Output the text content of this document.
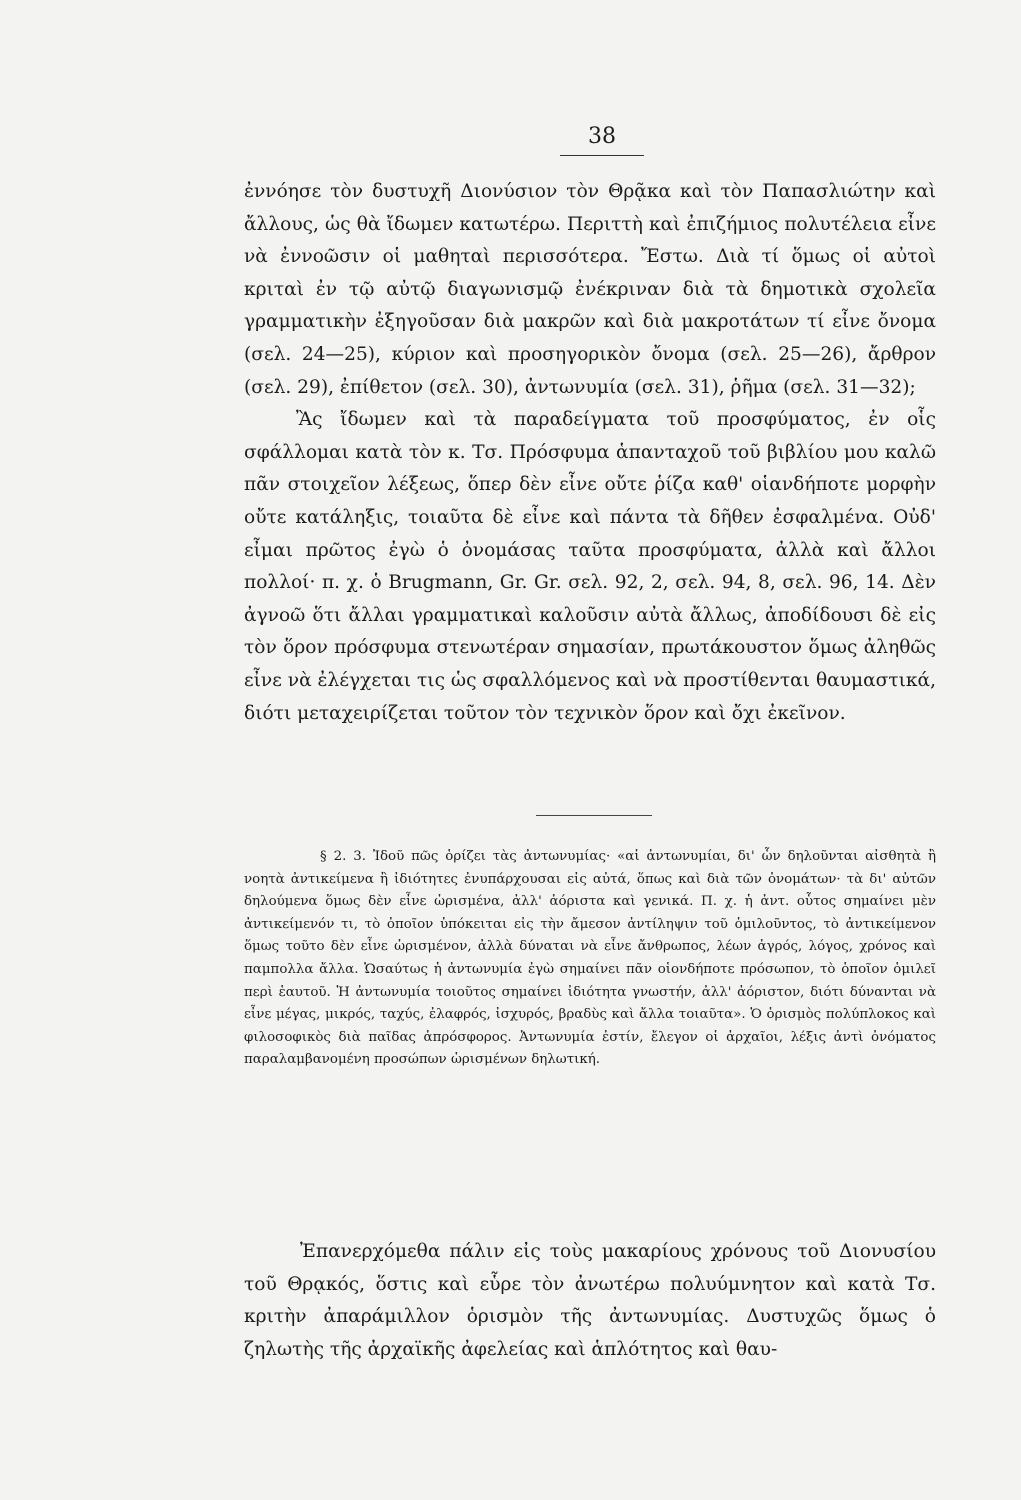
38

ἐννόησε τὸν δυστυχῆ Διονύσιον τὸν Θρᾷκα καὶ τὸν Παπασλιώτην καὶ ἄλλους, ὡς θὰ ἴδωμεν κατωτέρω. Περιττὴ καὶ ἐπιζήμιος πολυτέλεια εἶνε νὰ ἐννοῶσιν οἱ μαθηταὶ περισσότερα. Ἔστω. Διὰ τί ὅμως οἱ αὐτοὶ κριταὶ ἐν τῷ αὐτῷ διαγωνισμῷ ἐνέκριναν διὰ τὰ δημοτικὰ σχολεῖα γραμματικὴν ἐξηγοῦσαν διὰ μακρῶν καὶ διὰ μακροτάτων τί εἶνε ὄνομα (σελ. 24—25), κύριον καὶ προσηγορικὸν ὄνομα (σελ. 25—26), ἄρθρον (σελ. 29), ἐπίθετον (σελ. 30), ἀντωνυμία (σελ. 31), ῥῆμα (σελ. 31—32);

Ἂς ἴδωμεν καὶ τὰ παραδείγματα τοῦ προσφύματος, ἐν οἷς σφάλλομαι κατὰ τὸν κ. Τσ. Πρόσφυμα ἁπανταχοῦ τοῦ βιβλίου μου καλῶ πᾶν στοιχεῖον λέξεως, ὅπερ δὲν εἶνε οὔτε ῥίζα καθ' οἱανδήποτε μορφὴν οὔτε κατάληξις, τοιαῦτα δὲ εἶνε καὶ πάντα τὰ δῆθεν ἐσφαλμένα. Οὐδ' εἶμαι πρῶτος ἐγὼ ὁ ὀνομάσας ταῦτα προσφύματα, ἀλλὰ καὶ ἄλλοι πολλοί· π. χ. ὁ Brugmann, Gr. Gr. σελ. 92, 2, σελ. 94, 8, σελ. 96, 14. Δὲν ἀγνοῶ ὅτι ἄλλαι γραμματικαὶ καλοῦσιν αὐτὰ ἄλλως, ἀποδίδουσι δὲ εἰς τὸν ὅρον πρόσφυμα στενωτέραν σημασίαν, πρωτάκουστον ὅμως ἀληθῶς εἶνε νὰ ἐλέγχεται τις ὡς σφαλλόμενος καὶ νὰ προστίθενται θαυμαστικά, διότι μεταχειρίζεται τοῦτον τὸν τεχνικὸν ὅρον καὶ ὄχι ἐκεῖνον.

§ 2. 3. Ἰδοῦ πῶς ὁρίζει τὰς ἀντωνυμίας· «αἱ ἀντωνυμίαι, δι' ὧν δηλοῦνται αἰσθητὰ ἢ νοητὰ ἀντικείμενα ἢ ἰδιότητες ἐνυπάρχουσαι εἰς αὐτά, ὅπως καὶ διὰ τῶν ὀνομάτων· τὰ δι' αὐτῶν δηλούμενα ὅμως δὲν εἶνε ὡρισμένα, ἀλλ' ἀόριστα καὶ γενικά. Π. χ. ἡ ἀντ. οὗτος σημαίνει μὲν ἀντικείμενόν τι, τὸ ὁποῖον ὑπόκειται εἰς τὴν ἄμεσον ἀντίληψιν τοῦ ὁμιλοῦντος, τὸ ἀντικείμενον ὅμως τοῦτο δὲν εἶνε ὡρισμένον, ἀλλὰ δύναται νὰ εἶνε ἄνθρωπος, λέων ἀγρός, λόγος, χρόνος καὶ παμπολλα ἄλλα. Ὡσαύτως ἡ ἀντωνυμία ἐγὼ σημαίνει πᾶν οἱονδήποτε πρόσωπον, τὸ ὁποῖον ὁμιλεῖ περὶ ἑαυτοῦ. Ἡ ἀντωνυμία τοιοῦτος σημαίνει ἰδιότητα γνωστήν, ἀλλ' ἀόριστον, διότι δύνανται νὰ εἶνε μέγας, μικρός, ταχύς, ἐλαφρός, ἰσχυρός, βραδὺς καὶ ἄλλα τοιαῦτα». Ὁ ὁρισμὸς πολύπλοκος καὶ φιλοσοφικὸς διὰ παῖδας ἀπρόσφορος. Ἀντωνυμία ἐστίν, ἔλεγον οἱ ἀρχαῖοι, λέξις ἀντὶ ὀνόματος παραλαμβανομένη προσώπων ὡρισμένων δηλωτική.

Ἐπανερχόμεθα πάλιν εἰς τοὺς μακαρίους χρόνους τοῦ Διονυσίου τοῦ Θρᾳκός, ὅστις καὶ εὗρε τὸν ἀνωτέρω πολυύμνητον καὶ κατὰ Τσ. κριτὴν ἀπαράμιλλον ὁρισμὸν τῆς ἀντωνυμίας. Δυστυχῶς ὅμως ὁ ζηλωτὴς τῆς ἀρχαϊκῆς ἀφελείας καὶ ἁπλότητος καὶ θαυ-
